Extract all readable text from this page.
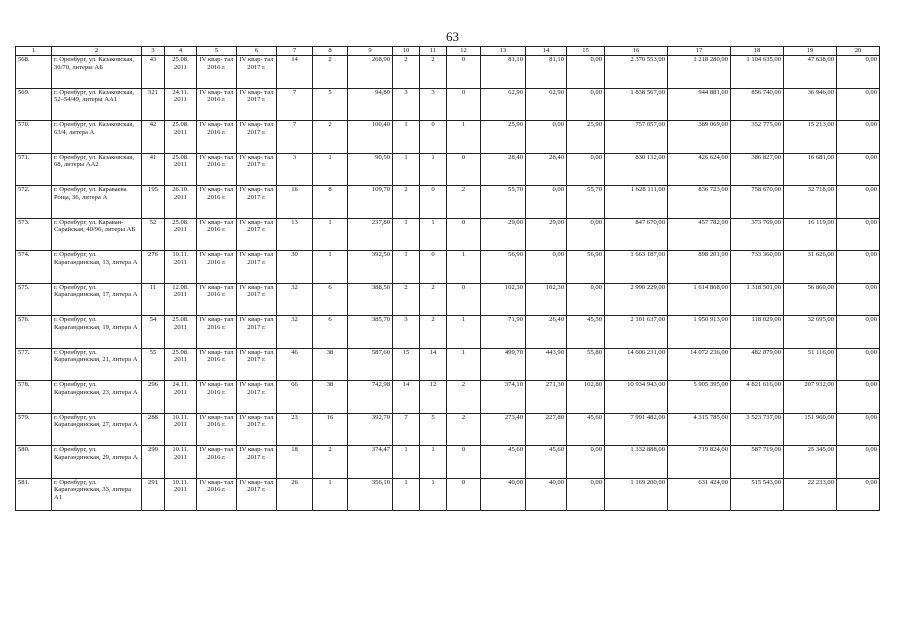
63
1	2	3	4	5	6	7	8	9	10	11	12	13	14	15	16	17	18	19	20
568.	г. Оренбург, ул. Казаковская, 30/70, литеры АБ	43	25.08. 2011	IV квар- тал 2016 г.	IV квар- тал 2017 г.	14	2	268,90	2	2	0	81,10	81,10	0,00	2 370 553,00	1 218 280,00	1 104 635,00	47 638,00	0,00
569.	г. Оренбург, ул. Казаковская, 52–54/49, литеры АА1	321	24.11. 2011	IV квар- тал 2016 г.	IV квар- тал 2017 г.	7	5	94,80	3	3	0	62,90	62,90	0,00	1 838 567,00	944 881,00	856 740,00	36 946,00	0,00
570.	г. Оренбург, ул. Казаковская, 63/4, литера А	42	25.08. 2011	IV квар- тал 2016 г.	IV квар- тал 2017 г.	7	2	100,40	1	0	1	25,90	0,00	25,90	757 057,00	389 069,00	352 775,00	15 213,00	0,00
571.	г. Оренбург, ул. Казаковская, 68, литеры АА2	41	25.08. 2011	IV квар- тал 2016 г.	IV квар- тал 2017 г.	3	1	90,50	1	1	0	28,40	28,40	0,00	830 132,00	426 624,00	386 827,00	16 681,00	0,00
572.	г. Оренбург, ул. Караваева Роща, 36, литера А	195	26.10. 2011	IV квар- тал 2016 г.	IV квар- тал 2017 г.	16	8	109,70	2	0	2	55,70	0,00	55,70	1 628 111,00	836 723,00	758 670,00	32 718,00	0,00
573.	г. Оренбург, ул. Караван- Сарайская, 40/96, литеры АБ	52	25.08. 2011	IV квар- тал 2016 г.	IV квар- тал 2017 г.	13	1	237,80	1	1	0	29,00	29,00	0,00	847 670,00	457 782,00	373 769,00	16 119,00	0,00
574.	г. Оренбург, ул. Карагандинская, 13, литера А	276	10.11. 2011	IV квар- тал 2016 г.	IV квар- тал 2017 г.	30	1	392,50	1	0	1	56,90	0,00	56,90	1 663 187,00	898 201,00	733 360,00	31 626,00	0,00
575.	г. Оренбург, ул. Карагандинская, 17, литера А	11	12.08. 2011	IV квар- тал 2016 г.	IV квар- тал 2017 г.	32	6	388,50	2	2	0	102,30	102,30	0,00	2 990 229,00	1 614 868,00	1 318 501,00	56 860,00	0,00
576.	г. Оренбург, ул. Карагандинская, 19, литера А	54	25.08. 2011	IV квар- тал 2016 г.	IV квар- тал 2017 г.	32	6	385,70	3	2	1	71,90	26,40	45,50	2 101 637,00	1 950 913,00	118 029,00	32 695,00	0,00
577.	г. Оренбург, ул. Карагандинская, 21, литера А	55	25.08. 2011	IV квар- тал 2016 г.	IV квар- тал 2017 г.	46	38	587,60	15	14	1	499,70	443,90	55,80	14 606 231,00	14 072 236,00	482 879,00	51 116,00	0,00
578.	г. Оренбург, ул. Карагандинская, 23, литера А	296	24.11. 2011	IV квар- тал 2016 г.	IV квар- тал 2017 г.	66	38	742,98	14	12	2	374,10	271,30	102,80	10 934 943,00	5 905 395,00	4 821 616,00	207 932,00	0,00
579.	г. Оренбург, ул. Карагандинская, 27, литера А	288	10.11. 2011	IV квар- тал 2016 г.	IV квар- тал 2017 г.	23	16	392,70	7	5	2	273,40	227,80	45,60	7 991 482,00	4 315 785,00	3 523 737,00	151 960,00	0,00
580.	г. Оренбург, ул. Карагандинская, 29, литера А	290	10.11. 2011	IV квар- тал 2016 г.	IV квар- тал 2017 г.	18	2	374,47	1	1	0	45,60	45,60	0,00	1 332 888,00	719 824,00	587 719,00	25 345,00	0,00
581.	г. Оренбург, ул. Карагандинская, 33, литера А1	291	10.11. 2011	IV квар- тал 2016 г.	IV квар- тал 2017 г.	26	1	356,10	1	1	0	40,00	40,00	0,00	1 169 200,00	631 424,00	515 543,00	22 233,00	0,00
